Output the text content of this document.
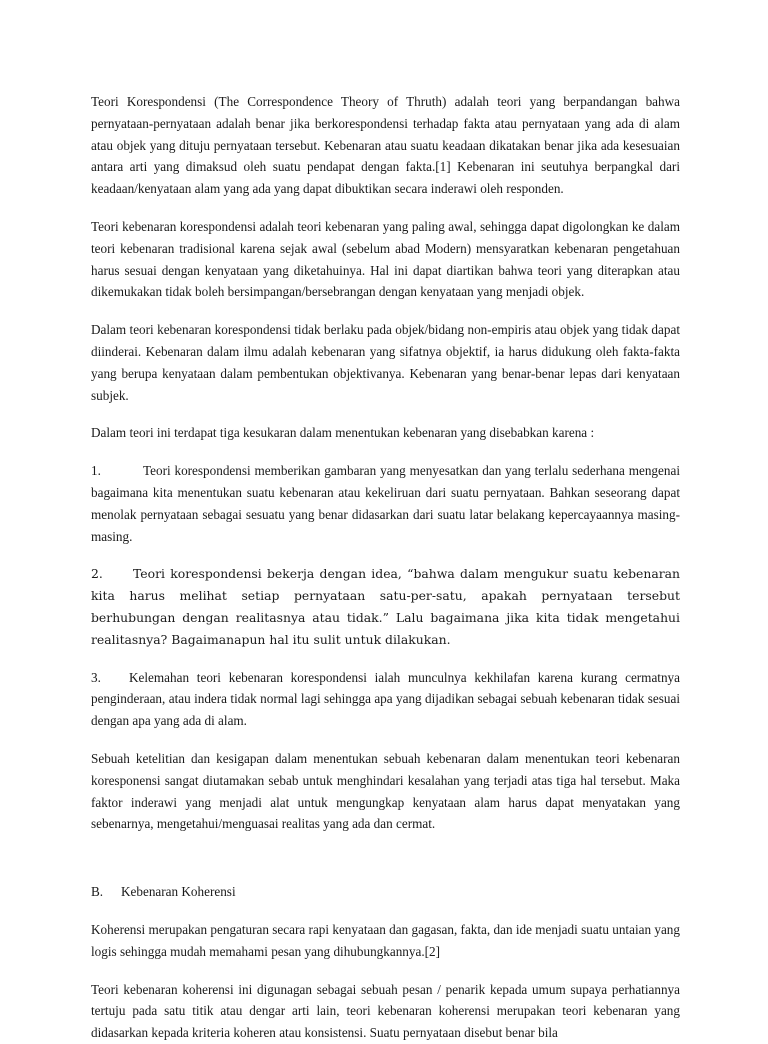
Teori Korespondensi (The Correspondence Theory of Thruth) adalah teori yang berpandangan bahwa pernyataan-pernyataan adalah benar jika berkorespondensi terhadap fakta atau pernyataan yang ada di alam atau objek yang dituju pernyataan tersebut. Kebenaran atau suatu keadaan dikatakan benar jika ada kesesuaian antara arti yang dimaksud oleh suatu pendapat dengan fakta.[1] Kebenaran ini seutuhya berpangkal dari keadaan/kenyataan alam yang ada yang dapat dibuktikan secara inderawi oleh responden.

Teori kebenaran korespondensi adalah teori kebenaran yang paling awal, sehingga dapat digolongkan ke dalam teori kebenaran tradisional karena sejak awal (sebelum abad Modern) mensyaratkan kebenaran pengetahuan harus sesuai dengan kenyataan yang diketahuinya. Hal ini dapat diartikan bahwa teori yang diterapkan atau dikemukakan tidak boleh bersimpangan/bersebrangan dengan kenyataan yang menjadi objek.

Dalam teori kebenaran korespondensi tidak berlaku pada objek/bidang non-empiris atau objek yang tidak dapat diinderai. Kebenaran dalam ilmu adalah kebenaran yang sifatnya objektif, ia harus didukung oleh fakta-fakta yang berupa kenyataan dalam pembentukan objektivanya. Kebenaran yang benar-benar lepas dari kenyataan subjek.

Dalam teori ini terdapat tiga kesukaran dalam menentukan kebenaran yang disebabkan karena :

1.	Teori korespondensi memberikan gambaran yang menyesatkan dan yang terlalu sederhana mengenai bagaimana kita menentukan suatu kebenaran atau kekeliruan dari suatu pernyataan. Bahkan seseorang dapat menolak pernyataan sebagai sesuatu yang benar didasarkan dari suatu latar belakang kepercayaannya masing-masing.

2. Teori korespondensi bekerja dengan idea, “bahwa dalam mengukur suatu kebenaran kita harus melihat setiap pernyataan satu-per-satu, apakah pernyataan tersebut berhubungan dengan realitasnya atau tidak.” Lalu bagaimana jika kita tidak mengetahui realitasnya? Bagaimanapun hal itu sulit untuk dilakukan.

3. Kelemahan teori kebenaran korespondensi ialah munculnya kekhilafan karena kurang cermatnya penginderaan, atau indera tidak normal lagi sehingga apa yang dijadikan sebagai sebuah kebenaran tidak sesuai dengan apa yang ada di alam.

Sebuah ketelitian dan kesigapan dalam menentukan sebuah kebenaran dalam menentukan teori kebenaran koresponensi sangat diutamakan sebab untuk menghindari kesalahan yang terjadi atas tiga hal tersebut. Maka faktor inderawi yang menjadi alat untuk mengungkap kenyataan alam harus dapat menyatakan yang sebenarnya, mengetahui/menguasai realitas yang ada dan cermat.

B. Kebenaran Koherensi

Koherensi merupakan pengaturan secara rapi kenyataan dan gagasan, fakta, dan ide menjadi suatu untaian yang logis sehingga mudah memahami pesan yang dihubungkannya.[2]

Teori kebenaran koherensi ini digunagan sebagai sebuah pesan / penarik kepada umum supaya perhatiannya tertuju pada satu titik atau dengar arti lain, teori kebenaran koherensi merupakan teori kebenaran yang didasarkan kepada kriteria koheren atau konsistensi. Suatu pernyataan disebut benar bila
